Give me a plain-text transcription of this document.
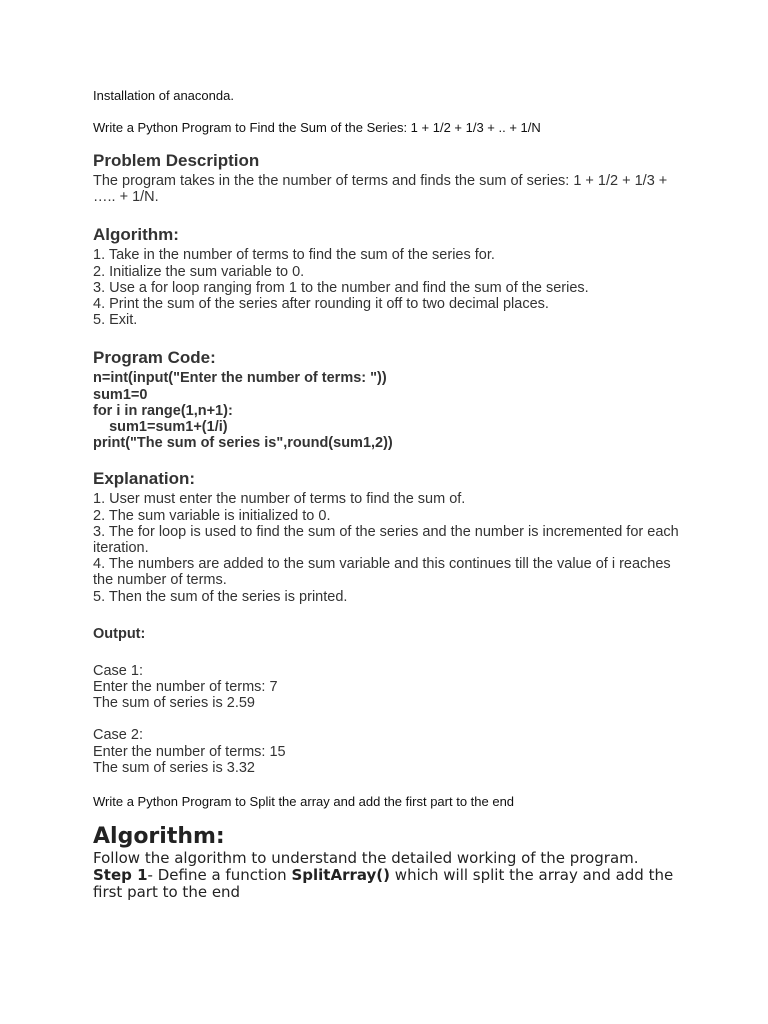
Installation of anaconda.

Write a Python Program to Find the Sum of the Series: 1 + 1/2 + 1/3 + .. + 1/N

Problem Description

The program takes in the the number of terms and finds the sum of series: 1 + 1/2 + 1/3 + ….. + 1/N.

Algorithm:
1. Take in the number of terms to find the sum of the series for.
2. Initialize the sum variable to 0.
3. Use a for loop ranging from 1 to the number and find the sum of the series.
4. Print the sum of the series after rounding it off to two decimal places.
5. Exit.
Program Code:
n=int(input("Enter the number of terms: "))
sum1=0
for i in range(1,n+1):
sum1=sum1+(1/i)
print("The sum of series is",round(sum1,2))
Explanation:
1. User must enter the number of terms to find the sum of.
2. The sum variable is initialized to 0.
3. The for loop is used to find the sum of the series and the number is incremented for each iteration.
4. The numbers are added to the sum variable and this continues till the value of i reaches the number of terms.
5. Then the sum of the series is printed.

Output:

Case 1:
Enter the number of terms: 7
The sum of series is 2.59
Case 2:
Enter the number of terms: 15
The sum of series is 3.32

Write a Python Program to Split the array and add the first part to the end

Algorithm:

Follow the algorithm to understand the detailed working of the program.

Step 1- Define a function SplitArray() which will split the array and add the first part to the end
